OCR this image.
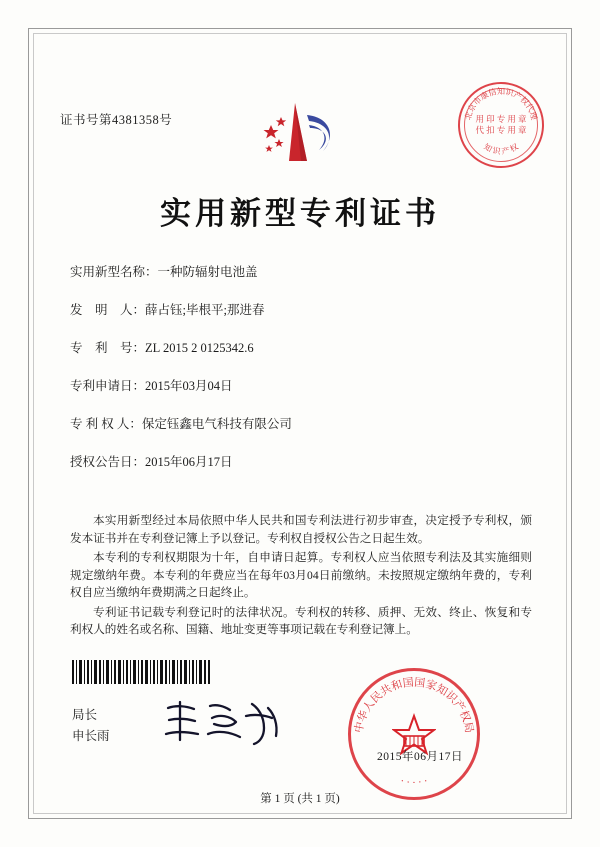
证书号第4381358号	北京市康信知识产权代理
知 识 产 权
用 印 专 用 章
代 扣 专 用 章
实用新型专利证书
实用新型名称：一种防辐射电池盖
发　明　人：薛占钰;毕根平;那进春
专　利　号：ZL 2015 2 0125342.6
专利申请日：2015年03月04日
专 利 权 人：保定钰鑫电气科技有限公司
授权公告日：2015年06月17日

本实用新型经过本局依照中华人民共和国专利法进行初步审查，决定授予专利权，颁发本证书并在专利登记簿上予以登记。专利权自授权公告之日起生效。

本专利的专利权期限为十年，自申请日起算。专利权人应当依照专利法及其实施细则规定缴纳年费。本专利的年费应当在每年03月04日前缴纳。未按照规定缴纳年费的，专利权自应当缴纳年费期满之日起终止。

专利证书记载专利登记时的法律状况。专利权的转移、质押、无效、终止、恢复和专利权人的姓名或名称、国籍、地址变更等事项记载在专利登记簿上。

局长
申长雨
中华人民共和国国家知识产权局
· · · · ·
2015年06月17日
第 1 页 (共 1 页)
